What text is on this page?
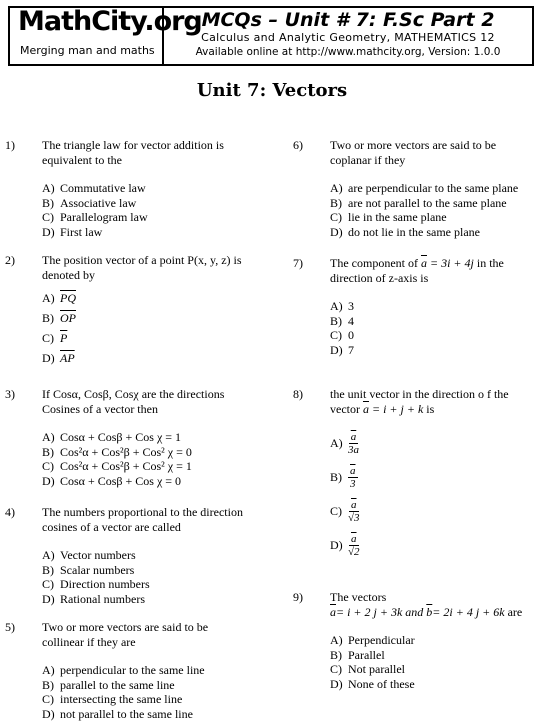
MathCity.org
Merging man and maths
MCQs – Unit # 7: F.Sc Part 2
Calculus and Analytic Geometry, MATHEMATICS 12
Available online at http://www.mathcity.org, Version: 1.0.0
Unit 7: Vectors
1) The triangle law for vector addition is
equivalent to the
A) Commutative law
B) Associative law
C) Parallelogram law
D) First law
2) The position vector of a point P(x, y, z) is
denoted by
A) $\overline{PQ}$
B) $\overline{OP}$
C) $\overline{P}$
D) $\overline{AP}$
3) If Cosα, Cosβ, Cosχ are the directions
Cosines of a vector then
A) Cosα + Cosβ + Cos χ = 1
B) Cos²α + Cos²β + Cos² χ = 0
C) Cos²α + Cos²β + Cos² χ = 1
D) Cosα + Cosβ + Cos χ = 0
4) The numbers proportional to the direction
cosines of a vector are called
A) Vector numbers
B) Scalar numbers
C) Direction numbers
D) Rational numbers
5) Two or more vectors are said to be
collinear if they are
A) perpendicular to the same line
B) parallel to the same line
C) intersecting the same line
D) not parallel to the same line
6) Two or more vectors are said to be
coplanar if they
A) are perpendicular to the same plane
B) are not parallel to the same plane
C) lie in the same plane
D) do not lie in the same plane
7) The component of $\overline{a} = 3i + 4j$ in the
direction of z-axis is
A) 3
B) 4
C) 0
D) 7
8) the unit vector in the direction o f the
vector $\overline{a} = i + j + k$ is
$A) \frac{\overline{a}}{3a}$
$B) \frac{\overline{a}}{3}$
$C) \frac{\overline{a}}{√3}$
$D) \frac{\overline{a}}{√2}$
9) The vectors
$\overline{a}= i + 2$ j + 3k and $\overline{b}= 2i + 4$ j + 6k are
A) Perpendicular
B) Parallel
C) Not parallel
D) None of these
